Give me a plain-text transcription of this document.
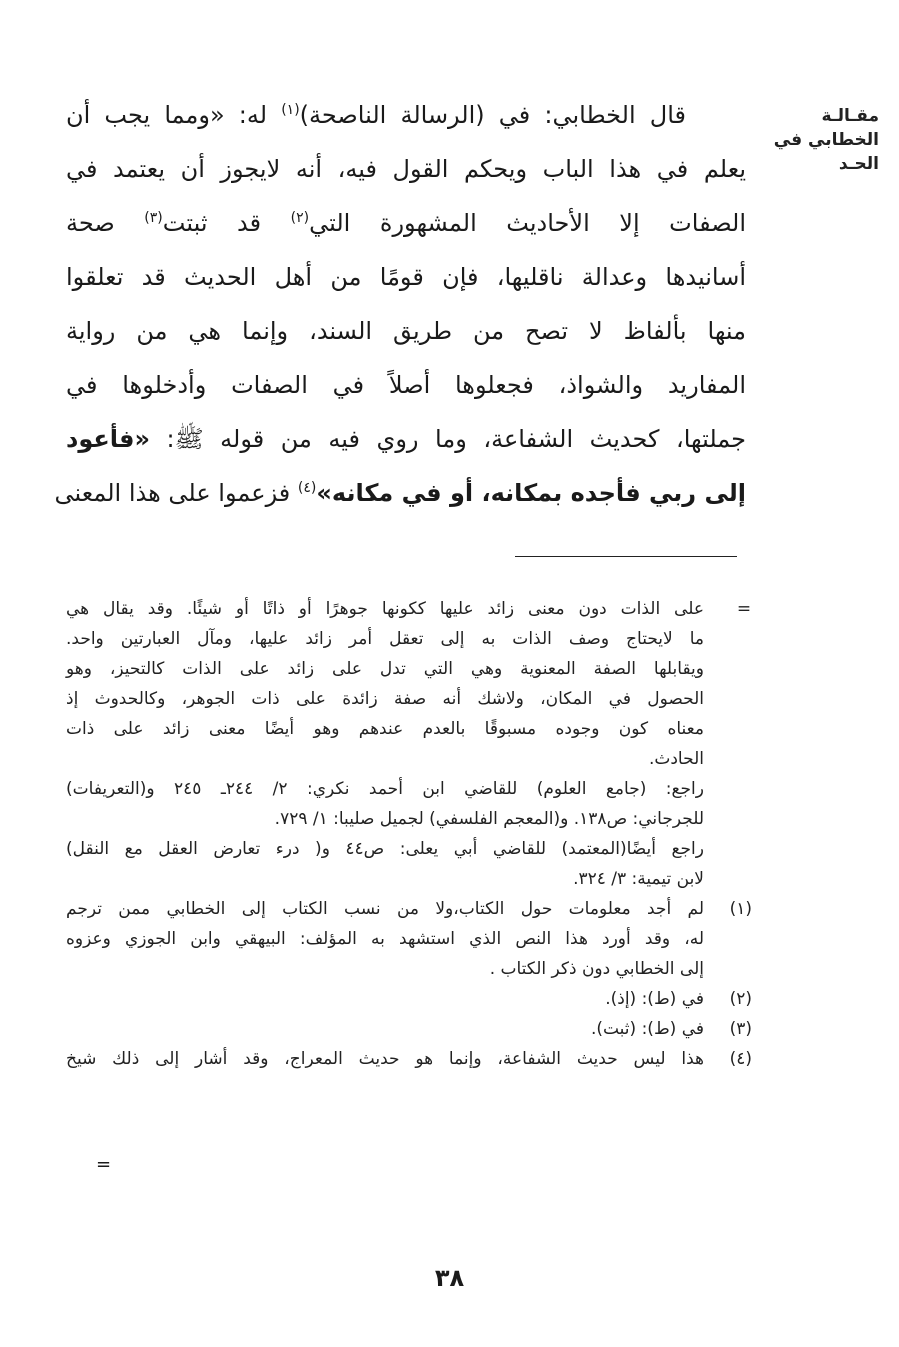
مقـالـة
الخطابي في
الحـد
قال الخطابي: في (الرسالة الناصحة)$^{(١)}$ له: «ومما يجب أن
يعلم في هذا الباب ويحكم القول فيه، أنه لايجوز أن يعتمد في
الصفات إلا الأحاديث المشهورة التي$^{(٢)}$ قد ثبتت$^{(٣)}$ صحة
أسانيدها وعدالة ناقليها، فإن قومًا من أهل الحديث قد تعلقوا
منها بألفاظ لا تصح من طريق السند، وإنما هي من رواية
المفاريد والشواذ، فجعلوها أصلاً في الصفات وأدخلوها في
جملتها، كحديث الشفاعة، وما روي فيه من قوله ﷺ: «فأعود
إلى ربي فأجده بمكانه، أو في مكانه»$^{(٤)}$ فزعموا على هذا المعنى
=
على الذات دون معنى زائد عليها ككونها جوهرًا أو ذاتًا أو شيئًا. وقد يقال هي
ما لايحتاج وصف الذات به إلى تعقل أمر زائد عليها، ومآل العبارتين واحد.
ويقابلها الصفة المعنوية وهي التي تدل على زائد على الذات كالتحيز، وهو
الحصول في المكان، ولاشك أنه صفة زائدة على ذات الجوهر، وكالحدوث إذ
معناه كون وجوده مسبوقًا بالعدم عندهم وهو أيضًا معنى زائد على ذات
الحادث.
راجع: (جامع العلوم) للقاضي ابن أحمد نكري: ٢/ ٢٤٤ـ ٢٤٥ و(التعريفات)
للجرجاني: ص١٣٨. و(المعجم الفلسفي) لجميل صليبا: ١/ ٧٢٩.
راجع أيضًا(المعتمد) للقاضي أبي يعلى: ص٤٤ و( درء تعارض العقل مع النقل)
لابن تيمية: ٣/ ٣٢٤.
(١)
لم أجد معلومات حول الكتاب،ولا من نسب الكتاب إلى الخطابي ممن ترجم
له، وقد أورد هذا النص الذي استشهد به المؤلف: البيهقي وابن الجوزي وعزوه
إلى الخطابي دون ذكر الكتاب .
(٢)
في (ط): (إذ).
(٣)
في (ط): (ثبت).
(٤)
هذا ليس حديث الشفاعة، وإنما هو حديث المعراج، وقد أشار إلى ذلك شيخ
=
٣٨
